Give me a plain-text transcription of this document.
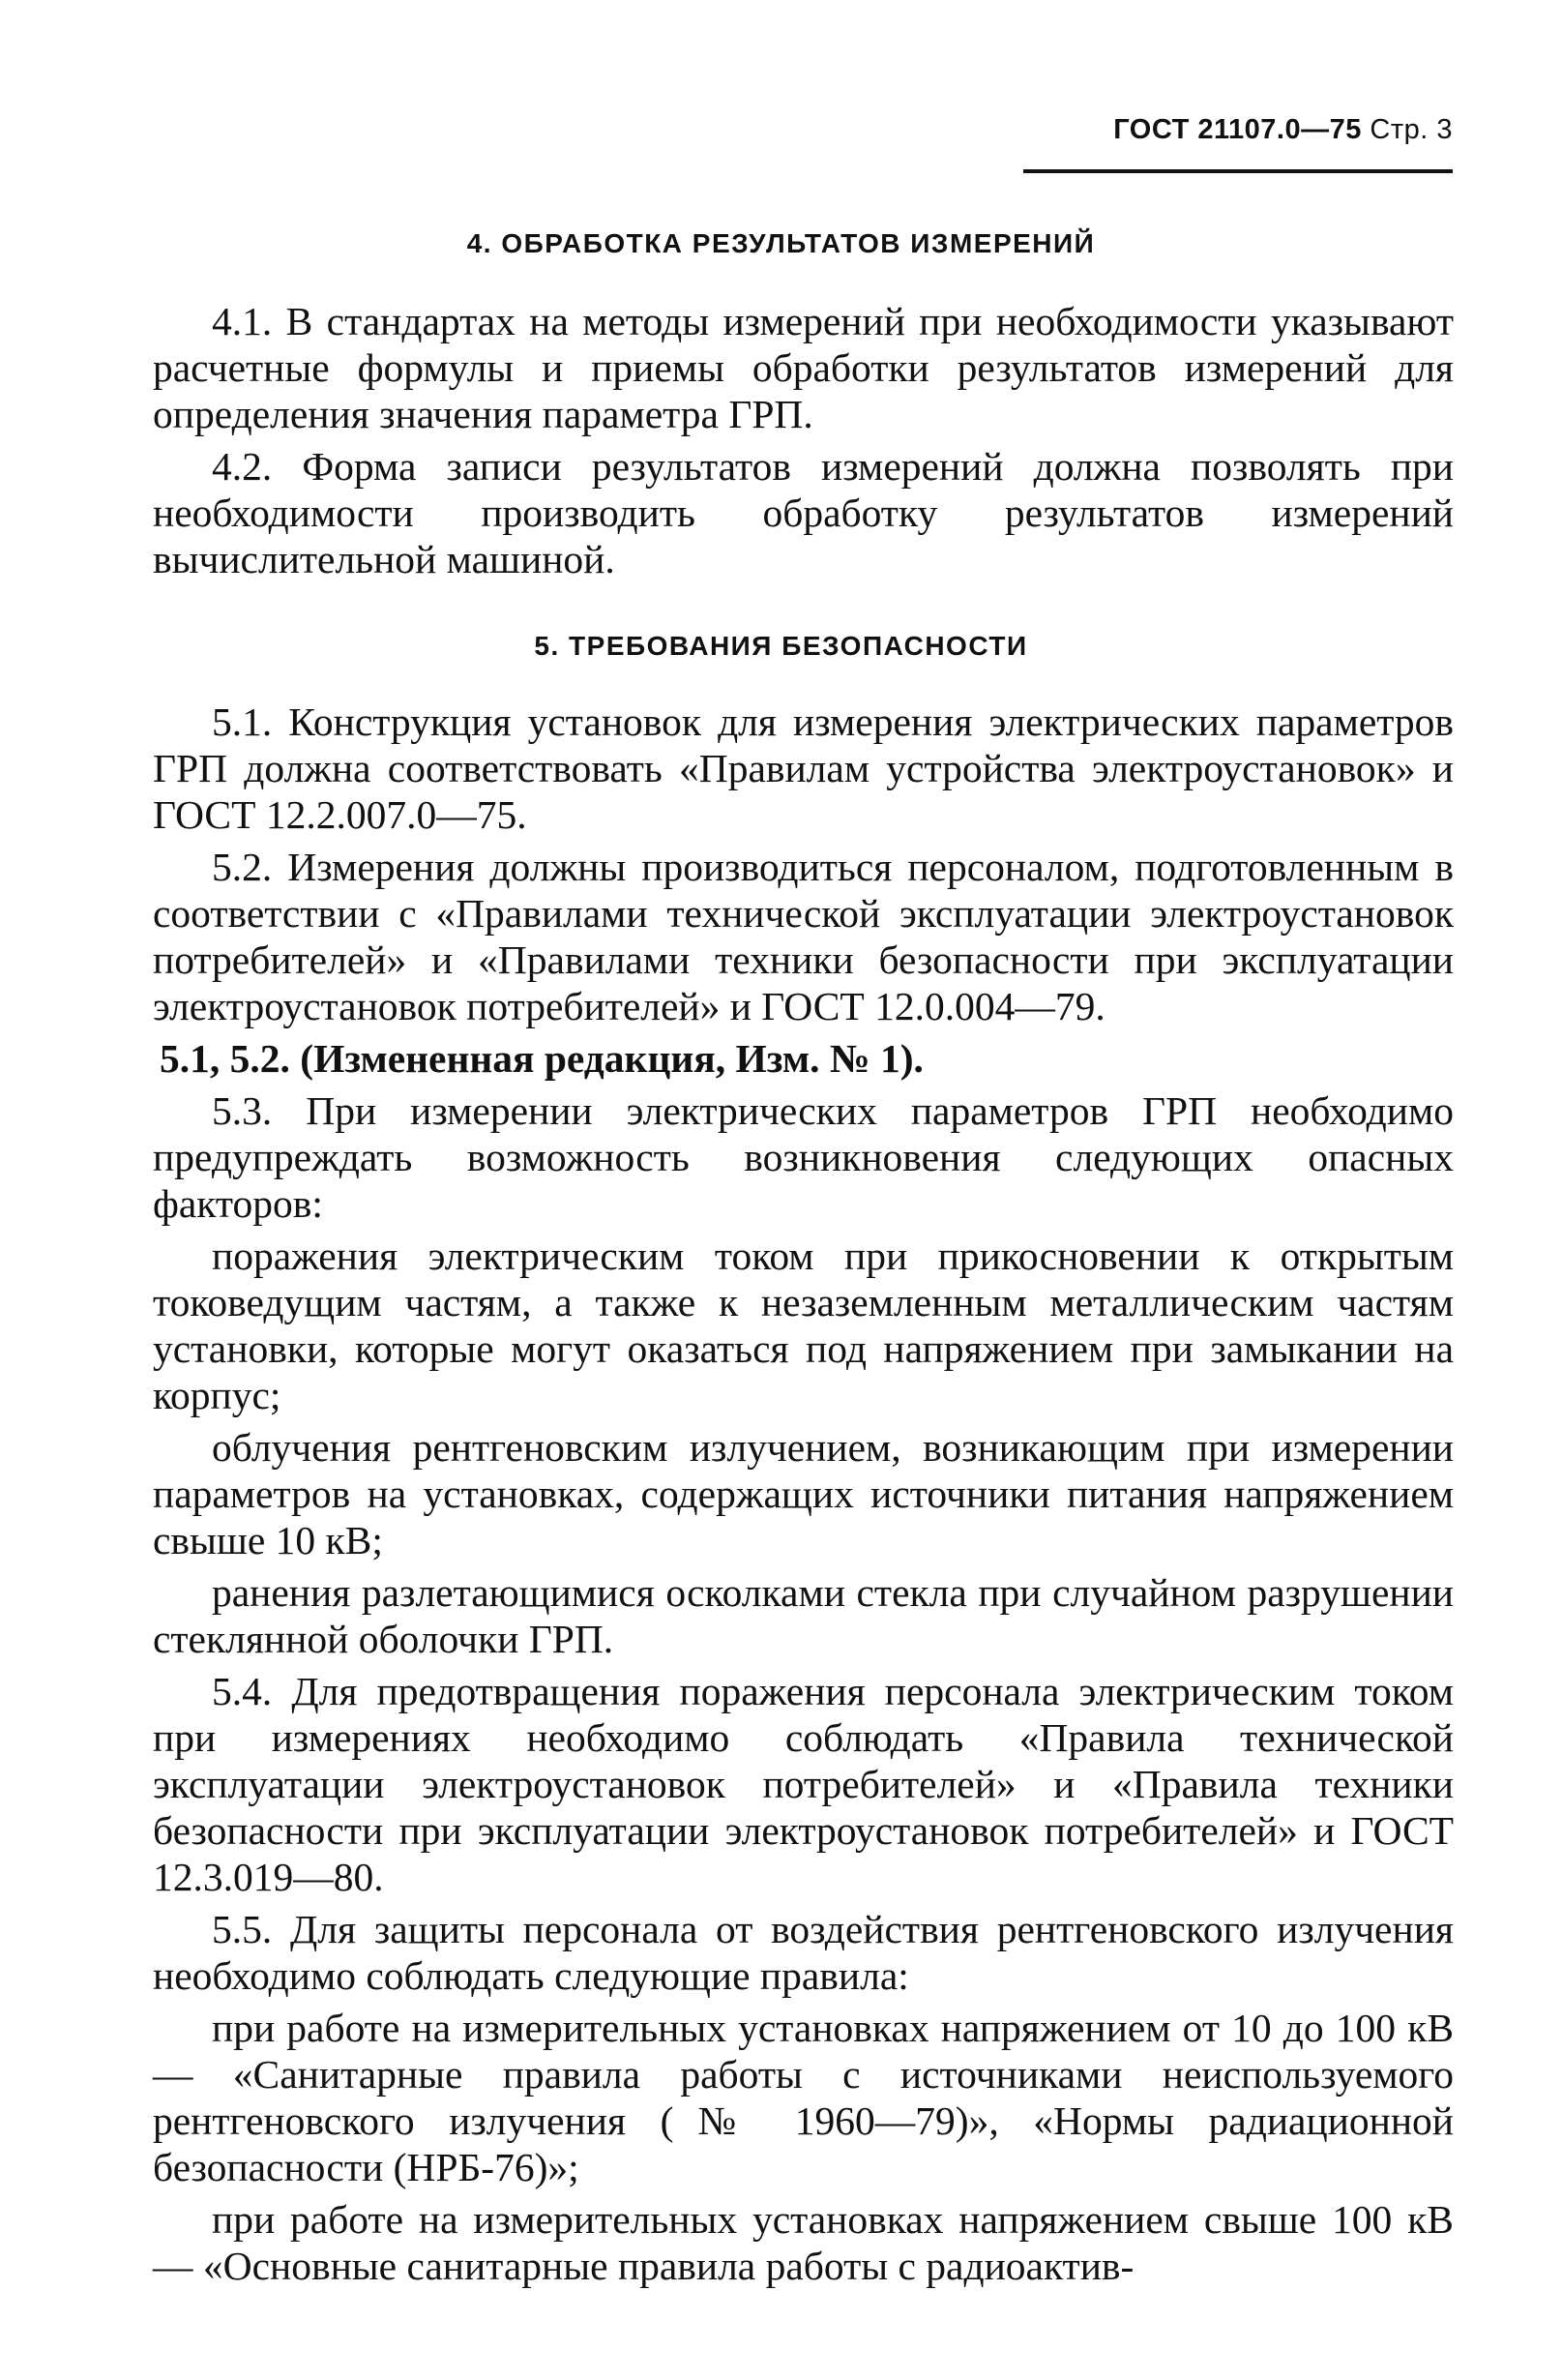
ГОСТ 21107.0—75 Стр. 3
4. ОБРАБОТКА РЕЗУЛЬТАТОВ ИЗМЕРЕНИЙ

4.1. В стандартах на методы измерений при необходимости указывают расчетные формулы и приемы обработки результатов измерений для определения значения параметра ГРП.

4.2. Форма записи результатов измерений должна позволять при необходимости производить обработку результатов измерений вычислительной машиной.

5. ТРЕБОВАНИЯ БЕЗОПАСНОСТИ

5.1. Конструкция установок для измерения электрических параметров ГРП должна соответствовать «Правилам устройства электроустановок» и ГОСТ 12.2.007.0—75.

5.2. Измерения должны производиться персоналом, подготовленным в соответствии с «Правилами технической эксплуатации электроустановок потребителей» и «Правилами техники безопасности при эксплуатации электроустановок потребителей» и ГОСТ 12.0.004—79.

5.1, 5.2. (Измененная редакция, Изм. № 1).

5.3. При измерении электрических параметров ГРП необходимо предупреждать возможность возникновения следующих опасных факторов:

поражения электрическим током при прикосновении к открытым токоведущим частям, а также к незаземленным металлическим частям установки, которые могут оказаться под напряжением при замыкании на корпус;

облучения рентгеновским излучением, возникающим при измерении параметров на установках, содержащих источники питания напряжением свыше 10 кВ;

ранения разлетающимися осколками стекла при случайном разрушении стеклянной оболочки ГРП.

5.4. Для предотвращения поражения персонала электрическим током при измерениях необходимо соблюдать «Правила технической эксплуатации электроустановок потребителей» и «Правила техники безопасности при эксплуатации электроустановок потребителей» и ГОСТ 12.3.019—80.

5.5. Для защиты персонала от воздействия рентгеновского излучения необходимо соблюдать следующие правила:

при работе на измерительных установках напряжением от 10 до 100 кВ — «Санитарные правила работы с источниками неиспользуемого рентгеновского излучения (№ 1960—79)», «Нормы радиационной безопасности (НРБ-76)»;

при работе на измерительных установках напряжением свыше 100 кВ — «Основные санитарные правила работы с радиоактив-
